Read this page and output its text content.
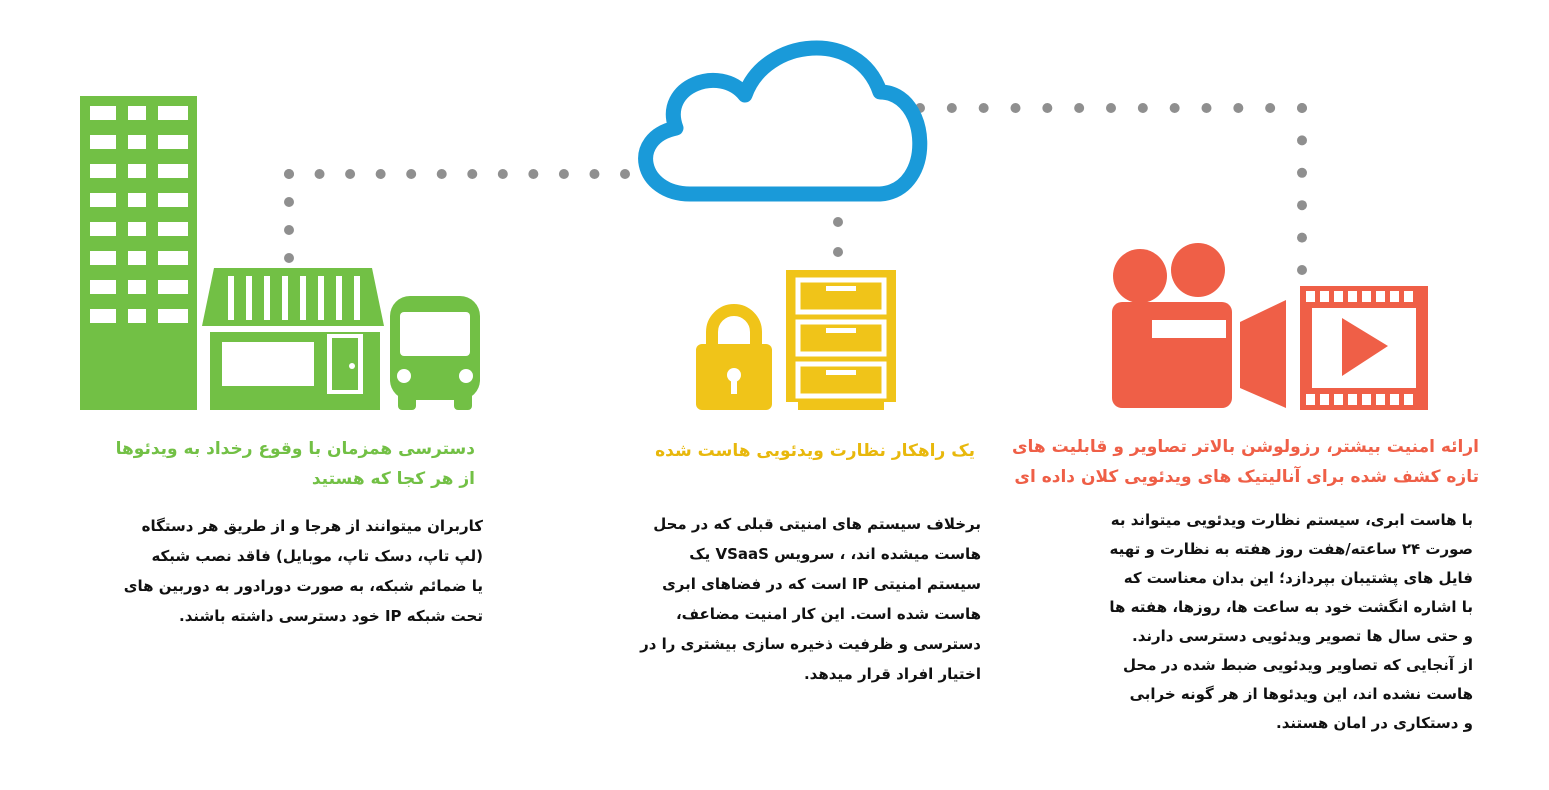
دسترسی همزمان با وقوع رخداد به ویدئوها
از هر کجا که هستید
کاربران میتوانند از هرجا و از طریق هر دستگاه
(لپ تاپ، دسک تاپ، موبایل) فاقد نصب شبکه
یا ضمائم شبکه، به صورت دورادور به دوربین های
تحت شبکه IP خود دسترسی داشته باشند.
یک راهکار نظارت ویدئویی هاست شده
برخلاف سیستم های امنیتی قبلی که در محل
هاست میشده اند، ، سرویس VSaaS یک
سیستم امنیتی IP است که در فضاهای ابری
هاست شده است. این کار امنیت مضاعف،
دسترسی و ظرفیت ذخیره سازی بیشتری را در
اختیار افراد قرار میدهد.
ارائه امنیت بیشتر، رزولوشن بالاتر تصاویر و قابلیت های
تازه کشف شده برای آنالیتیک های ویدئویی کلان داده ای
با هاست ابری، سیستم نظارت ویدئویی میتواند به
صورت ۲۴ ساعته/هفت روز هفته به نظارت و تهیه
فایل های پشتیبان بپردازد؛ این بدان معناست که
با اشاره انگشت خود به ساعت ها، روزها، هفته ها
و حتی سال ها تصویر ویدئویی دسترسی دارند.
از آنجایی که تصاویر ویدئویی ضبط شده در محل
هاست نشده اند، این ویدئوها از هر گونه خرابی
و دستکاری در امان هستند.
